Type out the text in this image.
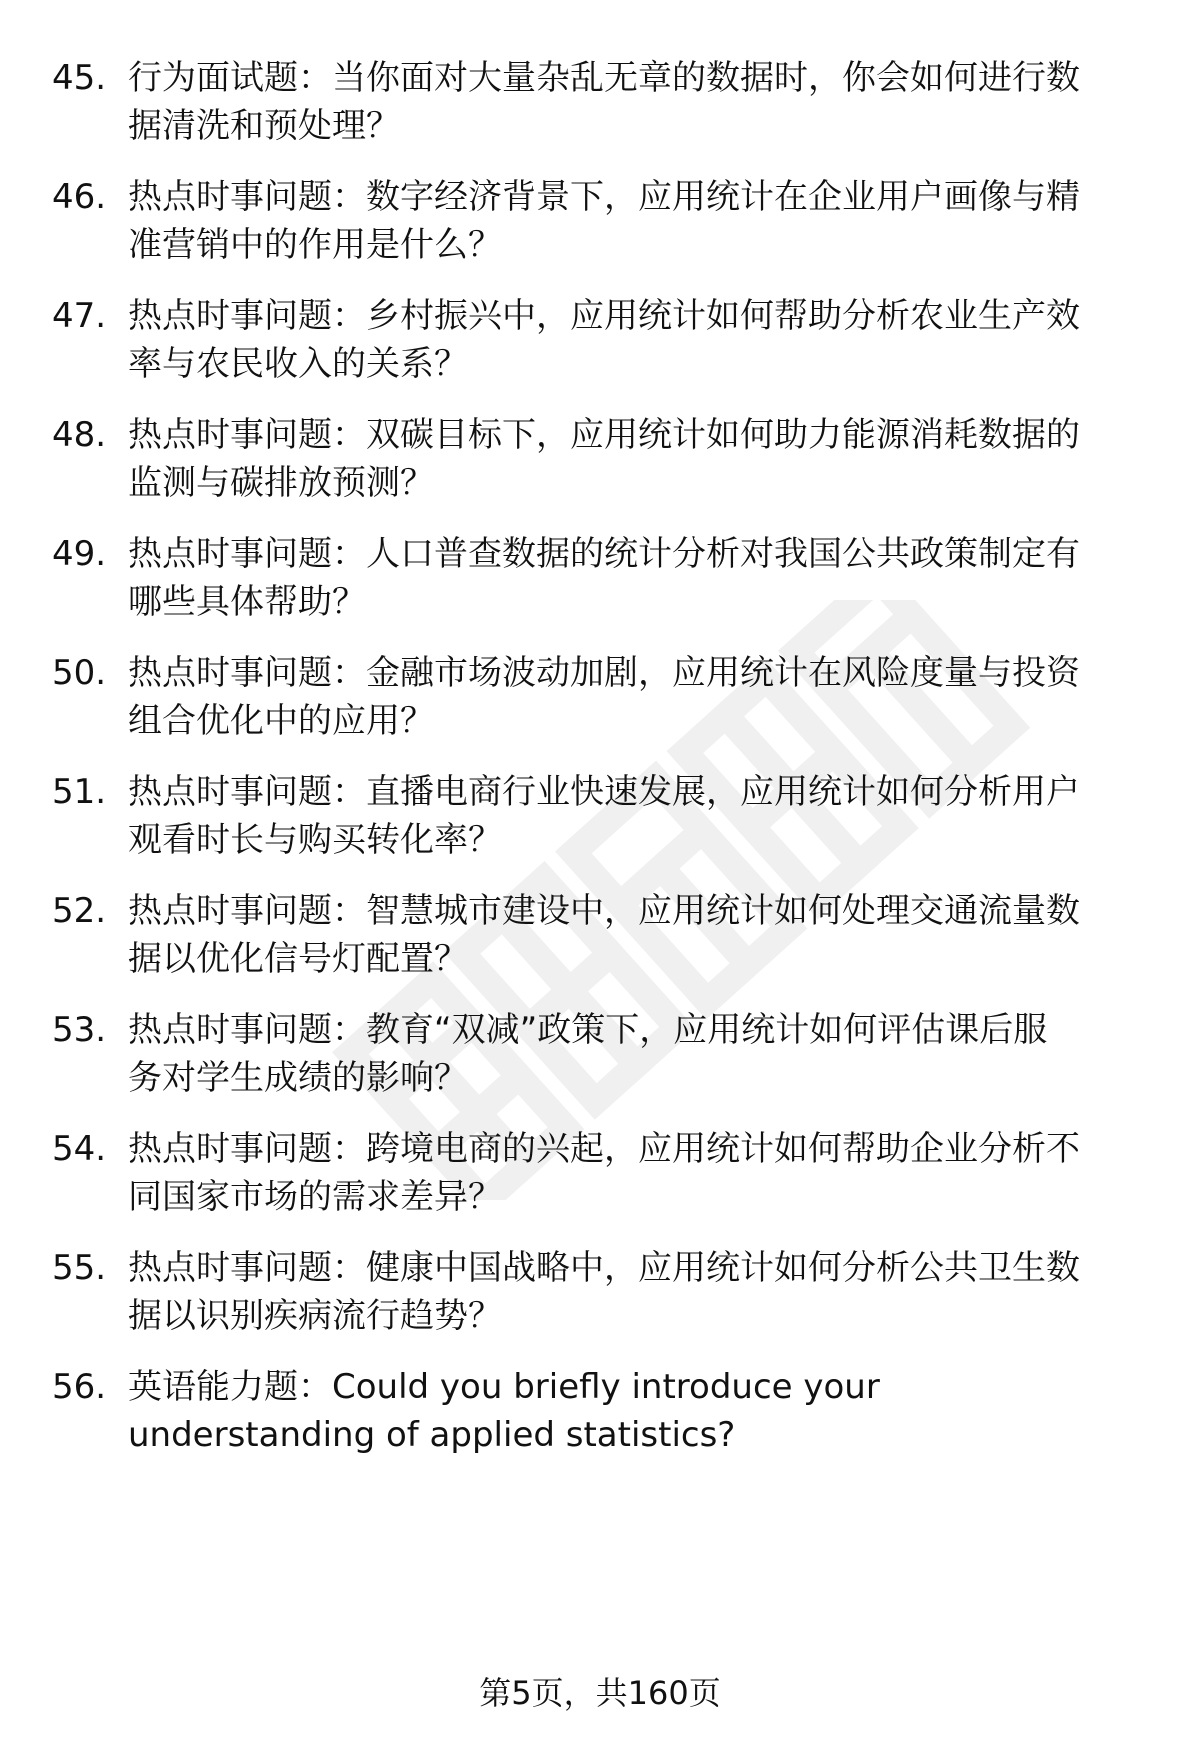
45. 行为面试题：当你面对大量杂乱无章的数据时，你会如何进行数
据清洗和预处理？
46. 热点时事问题：数字经济背景下，应用统计在企业用户画像与精
准营销中的作用是什么？
47. 热点时事问题：乡村振兴中，应用统计如何帮助分析农业生产效
率与农民收入的关系？
48. 热点时事问题：双碳目标下，应用统计如何助力能源消耗数据的
监测与碳排放预测？
49. 热点时事问题：人口普查数据的统计分析对我国公共政策制定有
哪些具体帮助？
50. 热点时事问题：金融市场波动加剧，应用统计在风险度量与投资
组合优化中的应用？
51. 热点时事问题：直播电商行业快速发展，应用统计如何分析用户
观看时长与购买转化率？
52. 热点时事问题：智慧城市建设中，应用统计如何处理交通流量数
据以优化信号灯配置？
53. 热点时事问题：教育“双减”政策下，应用统计如何评估课后服
务对学生成绩的影响？
54. 热点时事问题：跨境电商的兴起，应用统计如何帮助企业分析不
同国家市场的需求差异？
55. 热点时事问题：健康中国战略中，应用统计如何分析公共卫生数
据以识别疾病流行趋势？
56. 英语能力题：Could you briefly introduce your
understanding of applied statistics?
第5页，共160页
